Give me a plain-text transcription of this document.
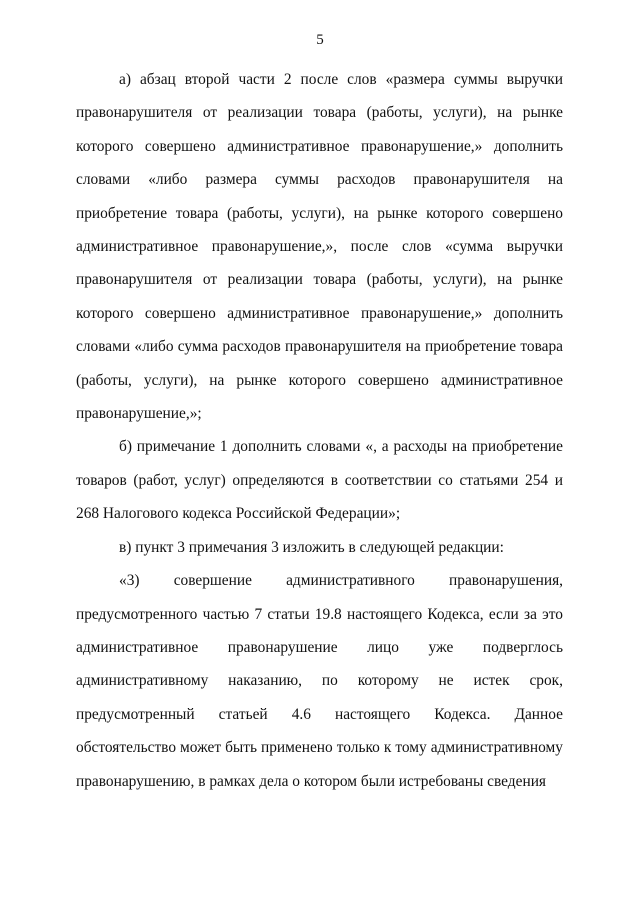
5

а) абзац второй части 2 после слов «размера суммы выручки правонарушителя от реализации товара (работы, услуги), на рынке которого совершено административное правонарушение,» дополнить словами «либо размера суммы расходов правонарушителя на приобретение товара (работы, услуги), на рынке которого совершено административное правонарушение,», после слов «сумма выручки правонарушителя от реализации товара (работы, услуги), на рынке которого совершено административное правонарушение,» дополнить словами «либо сумма расходов правонарушителя на приобретение товара (работы, услуги), на рынке которого совершено административное правонарушение,»;

б) примечание 1 дополнить словами «, а расходы на приобретение товаров (работ, услуг) определяются в соответствии со статьями 254 и 268 Налогового кодекса Российской Федерации»;

в) пункт 3 примечания 3 изложить в следующей редакции:

«3) совершение административного правонарушения, предусмотренного частью 7 статьи 19.8 настоящего Кодекса, если за это административное правонарушение лицо уже подверглось административному наказанию, по которому не истек срок, предусмотренный статьей 4.6 настоящего Кодекса. Данное обстоятельство может быть применено только к тому административному правонарушению, в рамках дела о котором были истребованы сведения
